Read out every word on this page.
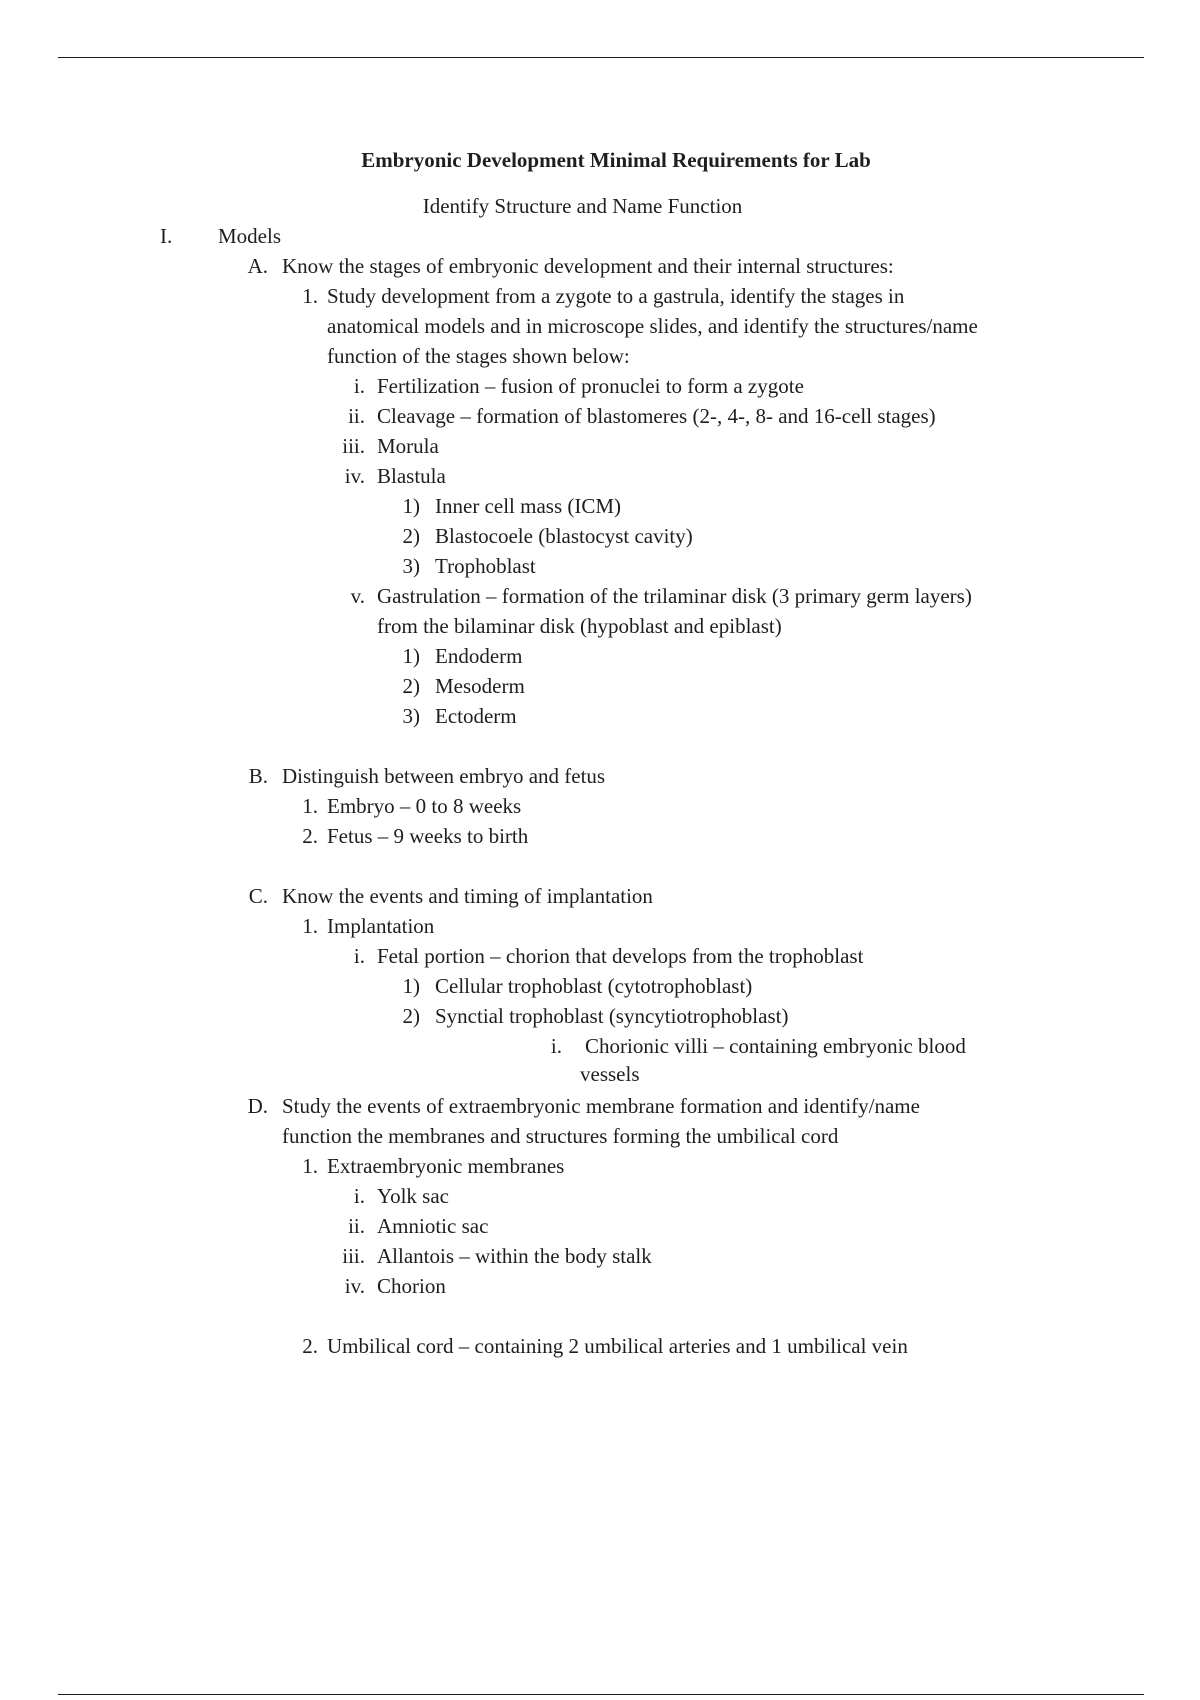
Embryonic Development Minimal Requirements for Lab
Identify Structure and Name Function
I.	Models
A. Know the stages of embryonic development and their internal structures:
1. Study development from a zygote to a gastrula, identify the stages in
anatomical models and in microscope slides, and identify the structures/name
function of the stages shown below:
i. Fertilization – fusion of pronuclei to form a zygote
ii. Cleavage – formation of blastomeres (2-, 4-, 8- and 16-cell stages)
iii. Morula
iv. Blastula
1) Inner cell mass (ICM)
2) Blastocoele (blastocyst cavity)
3) Trophoblast
v. Gastrulation – formation of the trilaminar disk (3 primary germ layers)
from the bilaminar disk (hypoblast and epiblast)
1) Endoderm
2) Mesoderm
3) Ectoderm
B. Distinguish between embryo and fetus
1. Embryo – 0 to 8 weeks
2. Fetus – 9 weeks to birth
C. Know the events and timing of implantation
1. Implantation
i. Fetal portion – chorion that develops from the trophoblast
1) Cellular trophoblast (cytotrophoblast)
2) Synctial trophoblast (syncytiotrophoblast)
i. Chorionic villi – containing embryonic blood
vessels
D. Study the events of extraembryonic membrane formation and identify/name
function the membranes and structures forming the umbilical cord
1. Extraembryonic membranes
i. Yolk sac
ii. Amniotic sac
iii. Allantois – within the body stalk
iv. Chorion
2. Umbilical cord – containing 2 umbilical arteries and 1 umbilical vein
